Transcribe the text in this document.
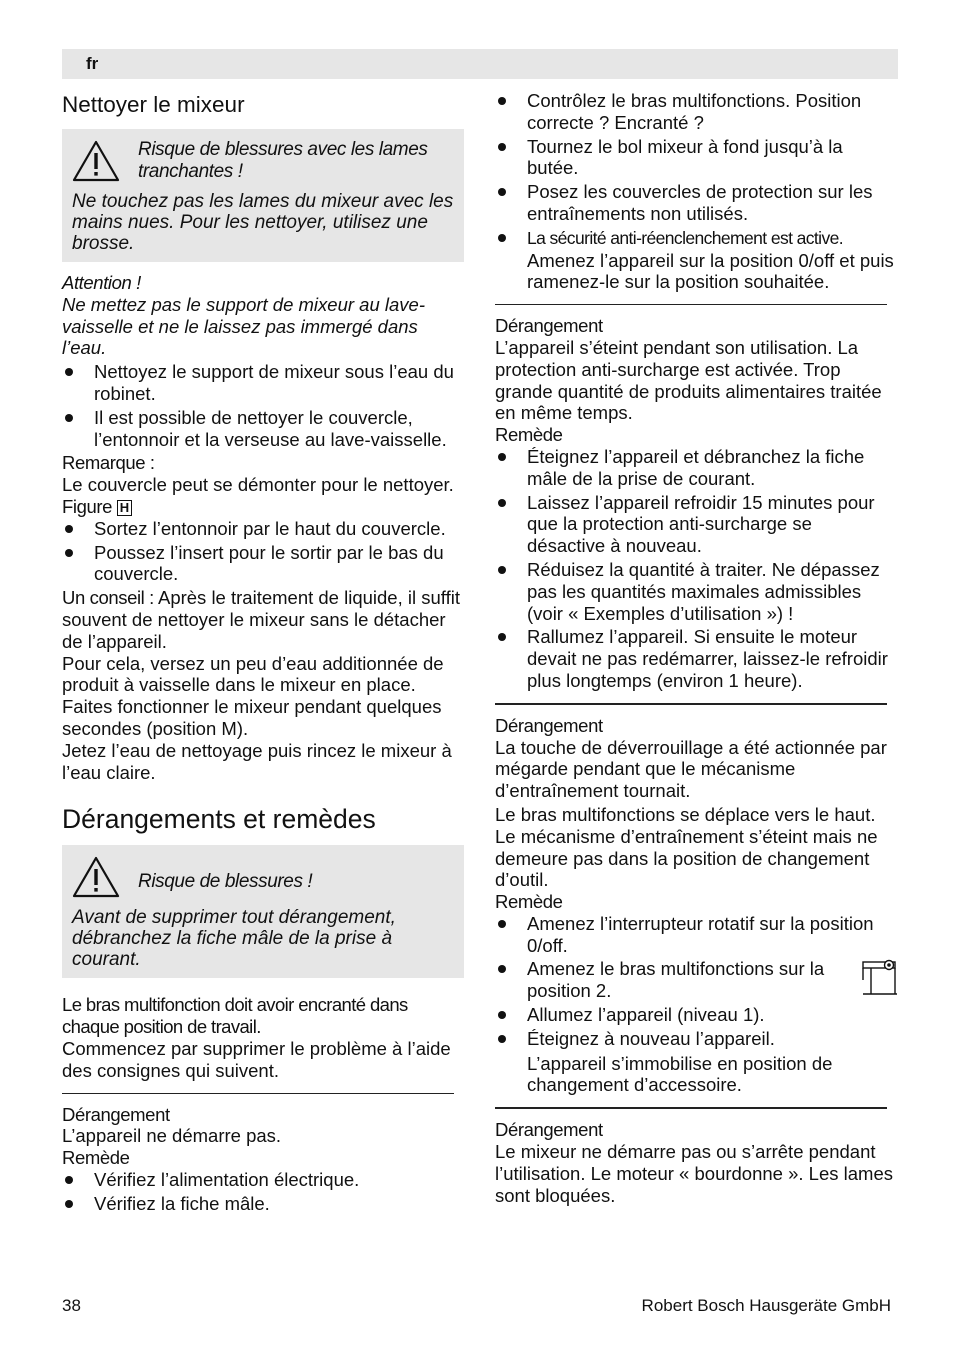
fr
Nettoyer le mixeur
Risque de blessures avec les lames tranchantes !
Ne touchez pas les lames du mixeur avec les mains nues. Pour les nettoyer, utilisez une brosse.

Attention !

Ne mettez pas le support de mixeur au lave-vaisselle et ne le laissez pas immergé dans l’eau.

Nettoyez le support de mixeur sous l’eau du robinet.
Il est possible de nettoyer le couvercle, l’entonnoir et la verseuse au lave-vaisselle.

Remarque :

Le couvercle peut se démonter pour le nettoyer.

Figure H

Sortez l’entonnoir par le haut du couvercle.
Poussez l’insert pour le sortir par le bas du couvercle.

Un conseil : Après le traitement de liquide, il suffit souvent de nettoyer le mixeur sans le détacher de l’appareil.

Pour cela, versez un peu d’eau additionnée de produit à vaisselle dans le mixeur en place. Faites fonctionner le mixeur pendant quelques secondes (position M).

Jetez l’eau de nettoyage puis rincez le mixeur à l’eau claire.

Dérangements et remèdes
Risque de blessures !
Avant de supprimer tout dérangement, débranchez la fiche mâle de la prise à courant.

Le bras multifonction doit avoir encranté dans chaque position de travail.

Commencez par supprimer le problème à l’aide des consignes qui suivent.

Dérangement

L’appareil ne démarre pas.

Remède

Vérifiez l’alimentation électrique.
Vérifiez la fiche mâle.
Contrôlez le bras multifonctions. Position correcte ? Encranté ?
Tournez le bol mixeur à fond jusqu’à la butée.
Posez les couvercles de protection sur les entraînements non utilisés.
La sécurité anti-réenclenchement est active.
Amenez l’appareil sur la position 0/off et puis ramenez-le sur la position souhaitée.

Dérangement

L’appareil s’éteint pendant son utilisation. La protection anti-surcharge est activée. Trop grande quantité de produits alimentaires traitée en même temps.

Remède

Éteignez l’appareil et débranchez la fiche mâle de la prise de courant.
Laissez l’appareil refroidir 15 minutes pour que la protection anti-surcharge se désactive à nouveau.
Réduisez la quantité à traiter. Ne dépassez pas les quantités maximales admissibles (voir « Exemples d’utilisation ») !
Rallumez l’appareil. Si ensuite le moteur devait ne pas redémarrer, laissez-le refroidir plus longtemps (environ 1 heure).

Dérangement

La touche de déverrouillage a été actionnée par mégarde pendant que le mécanisme d’entraînement tournait.

Le bras multifonctions se déplace vers le haut. Le mécanisme d’entraînement s’éteint mais ne demeure pas dans la position de changement d’outil.

Remède

Amenez l’interrupteur rotatif sur la position 0/off.
Amenez le bras multifonctions sur la position 2.
Allumez l’appareil (niveau 1).
Éteignez à nouveau l’appareil.
L’appareil s’immobilise en position de changement d’accessoire.

Dérangement

Le mixeur ne démarre pas ou s’arrête pendant l’utilisation. Le moteur « bourdonne ». Les lames sont bloquées.

38	Robert Bosch Hausgeräte GmbH
